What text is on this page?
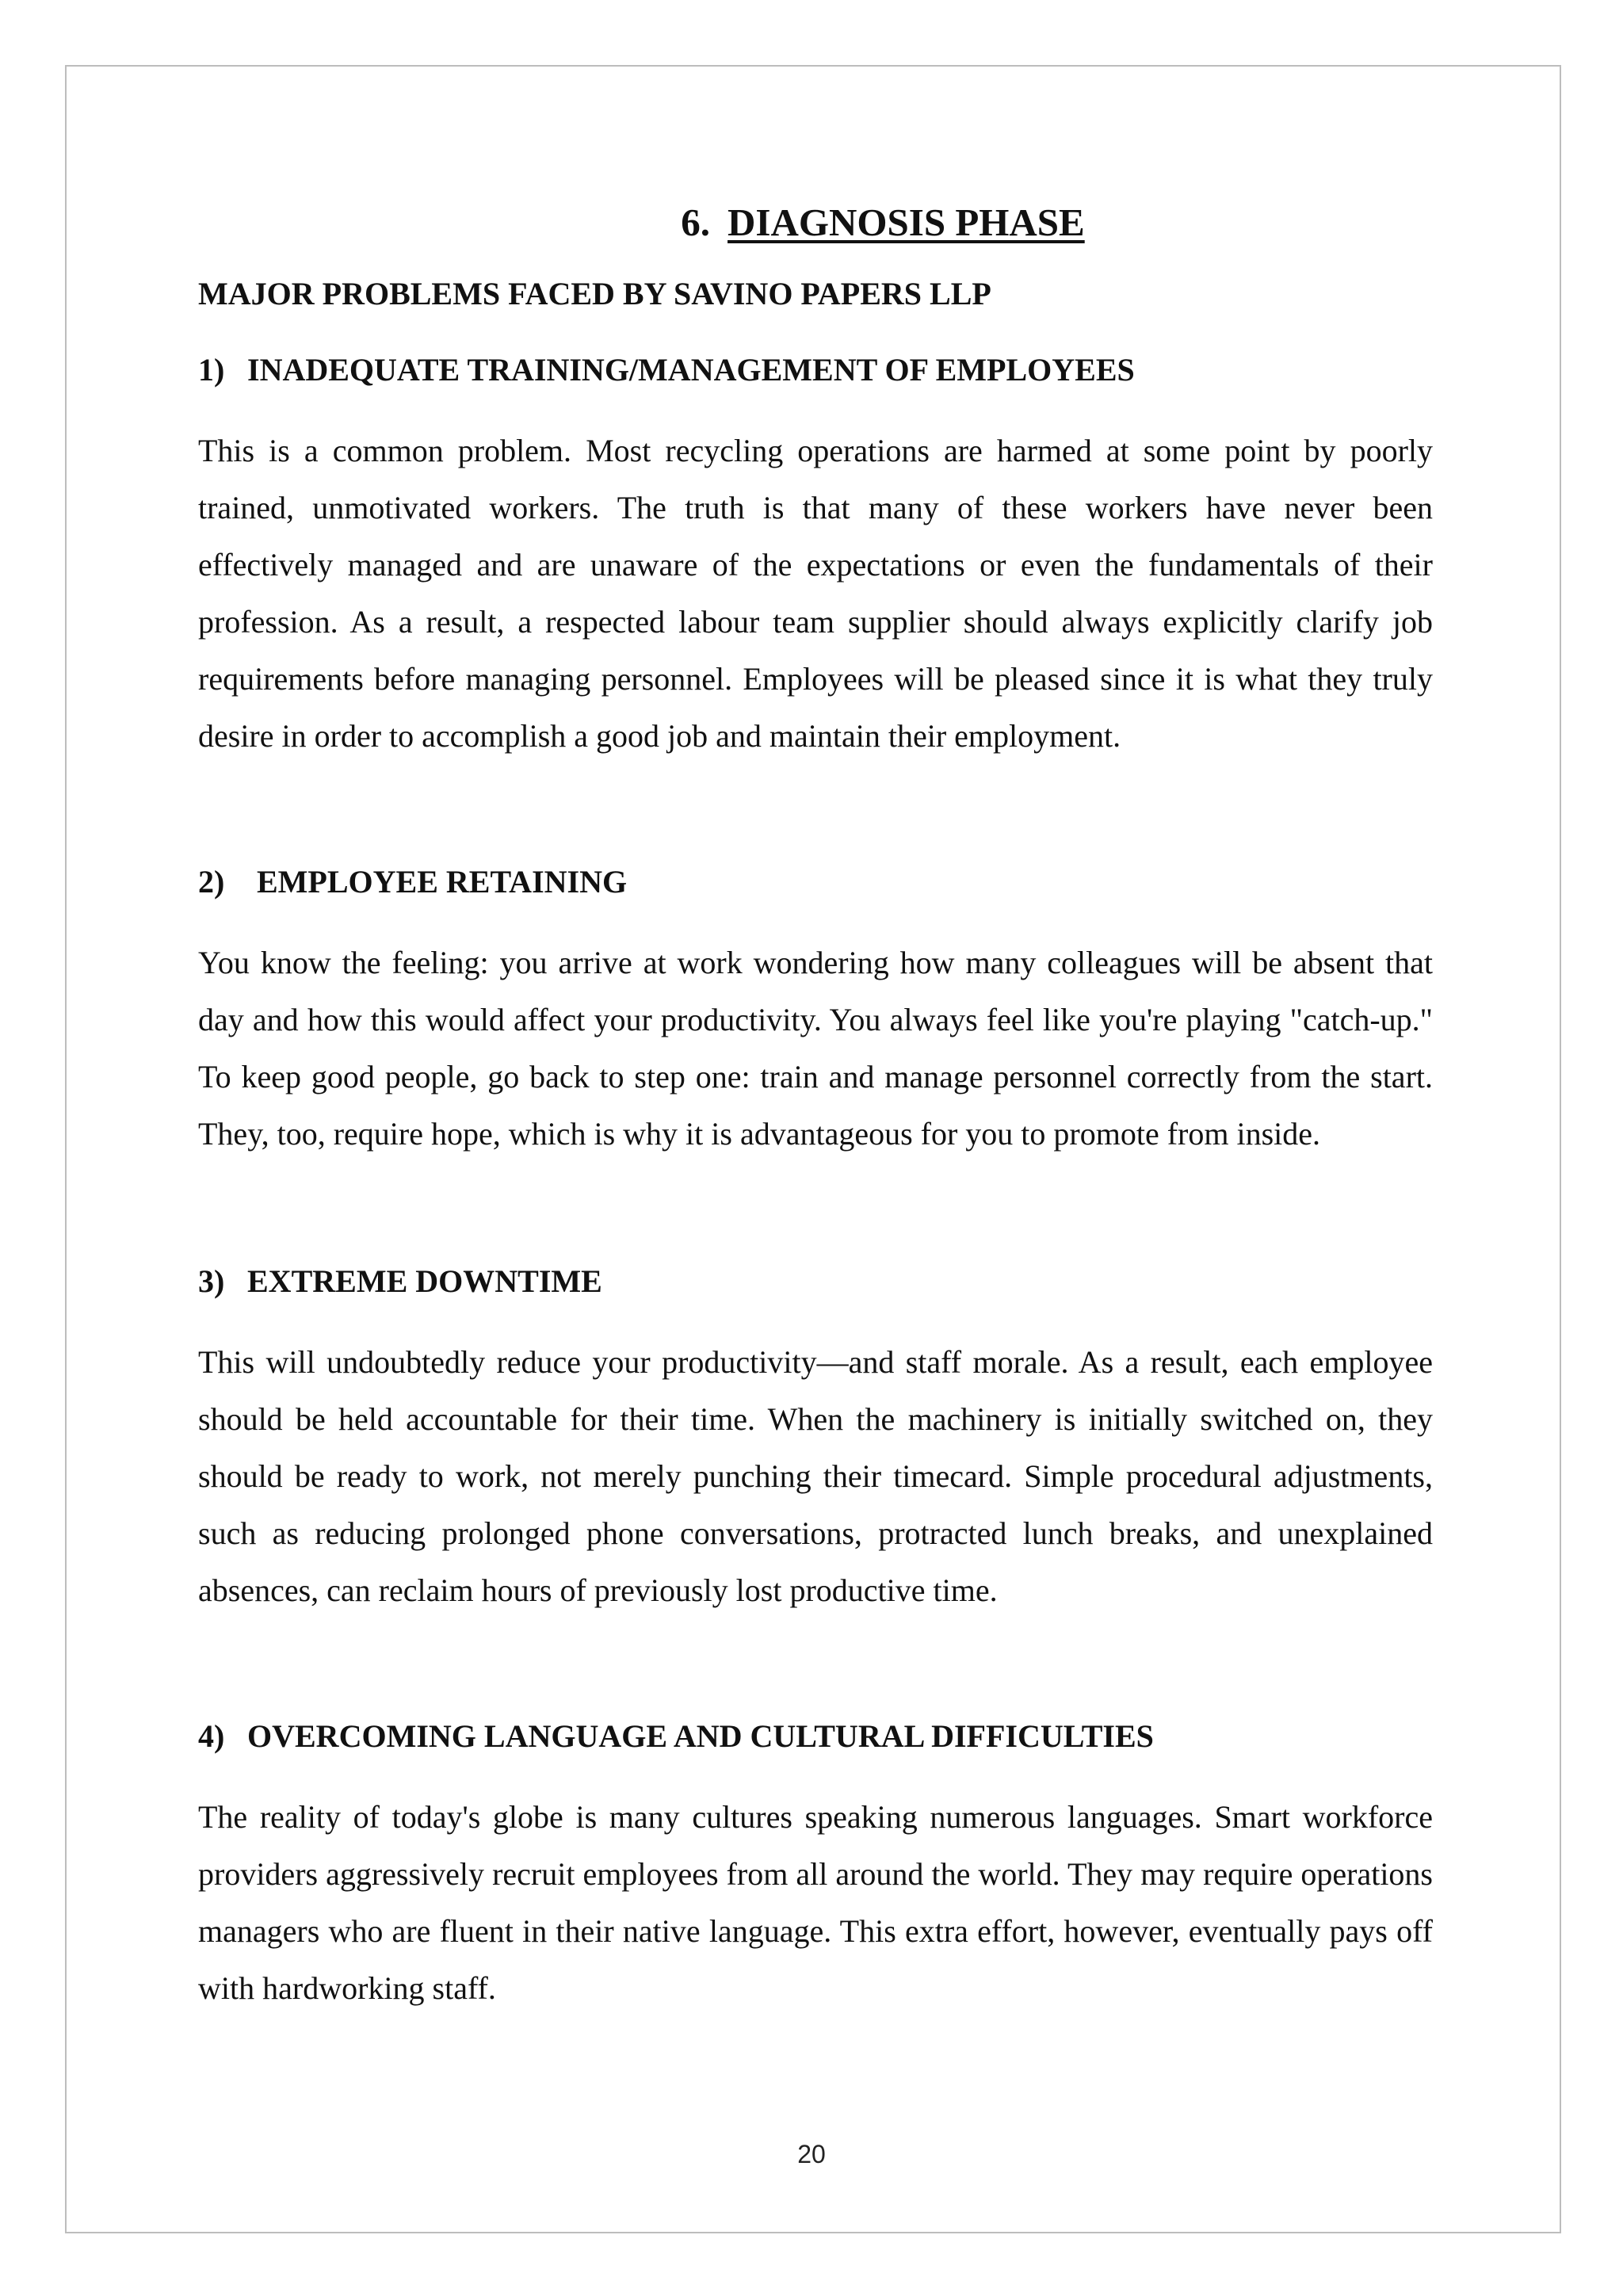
6. DIAGNOSIS PHASE
MAJOR PROBLEMS FACED BY SAVINO PAPERS LLP
1) INADEQUATE TRAINING/MANAGEMENT OF EMPLOYEES

This is a common problem. Most recycling operations are harmed at some point by poorly trained, unmotivated workers. The truth is that many of these workers have never been effectively managed and are unaware of the expectations or even the fundamentals of their profession. As a result, a respected labour team supplier should always explicitly clarify job requirements before managing personnel. Employees will be pleased since it is what they truly desire in order to accomplish a good job and maintain their employment.

2) EMPLOYEE RETAINING

You know the feeling: you arrive at work wondering how many colleagues will be absent that day and how this would affect your productivity. You always feel like you're playing "catch-up." To keep good people, go back to step one: train and manage personnel correctly from the start. They, too, require hope, which is why it is advantageous for you to promote from inside.

3) EXTREME DOWNTIME

This will undoubtedly reduce your productivity—and staff morale. As a result, each employee should be held accountable for their time. When the machinery is initially switched on, they should be ready to work, not merely punching their timecard. Simple procedural adjustments, such as reducing prolonged phone conversations, protracted lunch breaks, and unexplained absences, can reclaim hours of previously lost productive time.

4) OVERCOMING LANGUAGE AND CULTURAL DIFFICULTIES

The reality of today's globe is many cultures speaking numerous languages. Smart workforce providers aggressively recruit employees from all around the world. They may require operations managers who are fluent in their native language. This extra effort, however, eventually pays off with hardworking staff.

20
